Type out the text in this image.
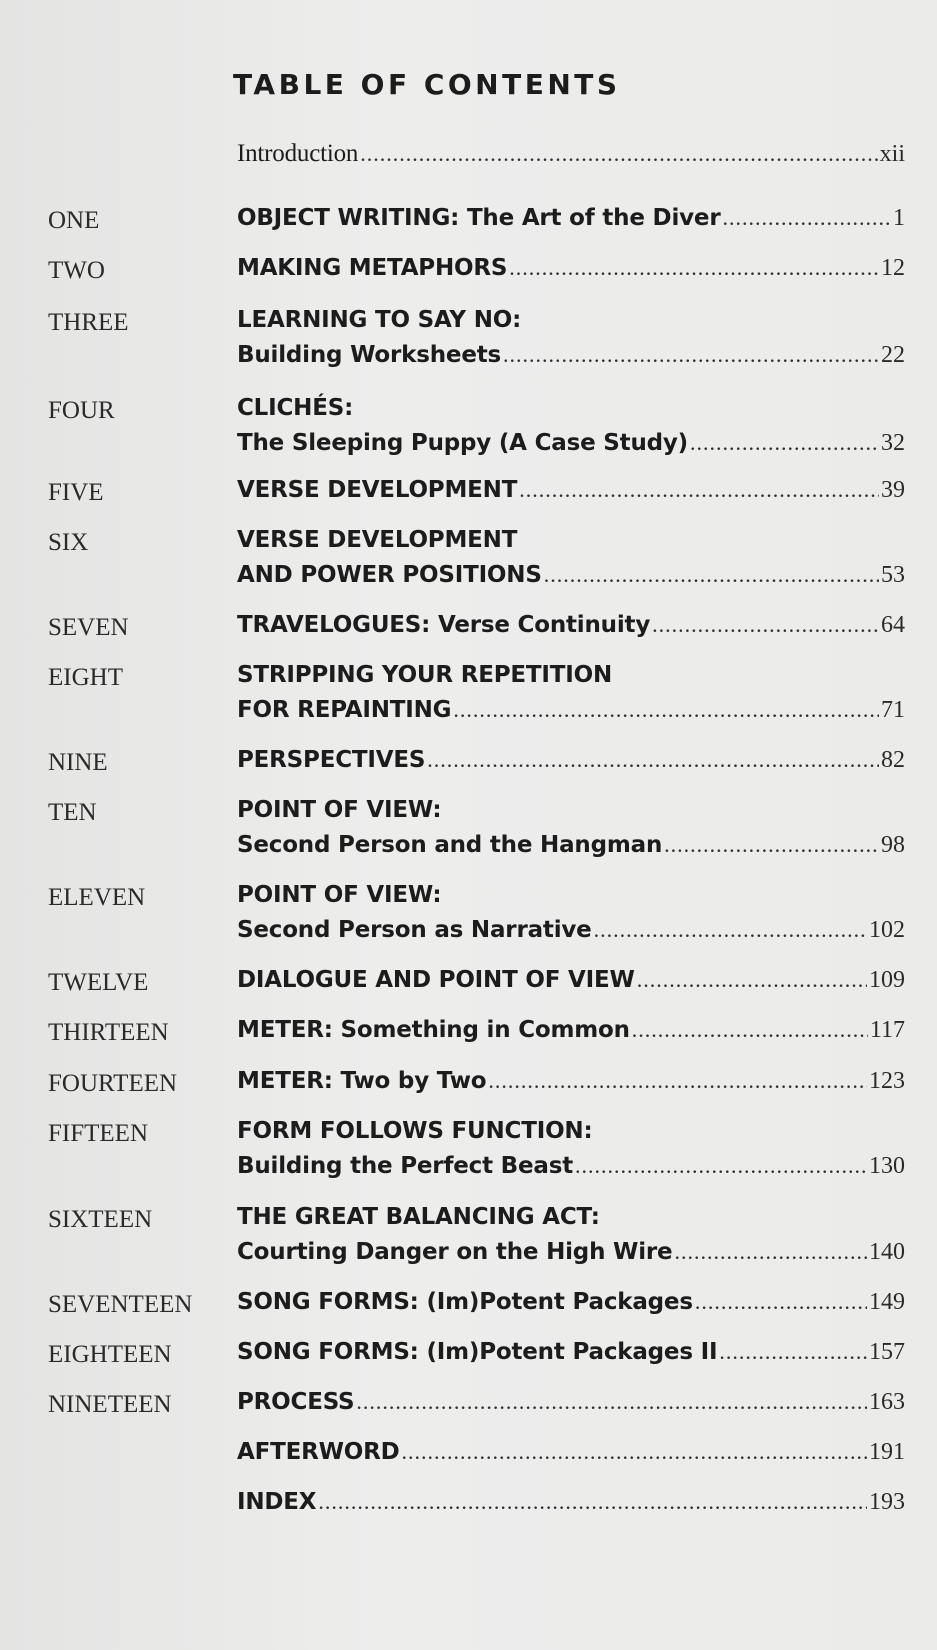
TABLE OF CONTENTS
Introduction .....	xii
ONE	OBJECT WRITING: The Art of the Diver .....	1
TWO	MAKING METAPHORS .....	12
THREE	LEARNING TO SAY NO:
Building Worksheets .....	22
FOUR	CLICHÉS:
The Sleeping Puppy (A Case Study) .....	32
FIVE	VERSE DEVELOPMENT .....	39
SIX	VERSE DEVELOPMENT
AND POWER POSITIONS .....	53
SEVEN	TRAVELOGUES: Verse Continuity .....	64
EIGHT	STRIPPING YOUR REPETITION
FOR REPAINTING .....	71
NINE	PERSPECTIVES .....	82
TEN	POINT OF VIEW:
Second Person and the Hangman .....	98
ELEVEN	POINT OF VIEW:
Second Person as Narrative .....	102
TWELVE	DIALOGUE AND POINT OF VIEW .....	109
THIRTEEN	METER: Something in Common .....	117
FOURTEEN	METER: Two by Two .....	123
FIFTEEN	FORM FOLLOWS FUNCTION:
Building the Perfect Beast .....	130
SIXTEEN	THE GREAT BALANCING ACT:
Courting Danger on the High Wire .....	140
SEVENTEEN SONG FORMS: (Im)Potent Packages .....	149
EIGHTEEN	SONG FORMS: (Im)Potent Packages II .....	157
NINETEEN	PROCESS .....	163
AFTERWORD .....	191
INDEX .....	193
